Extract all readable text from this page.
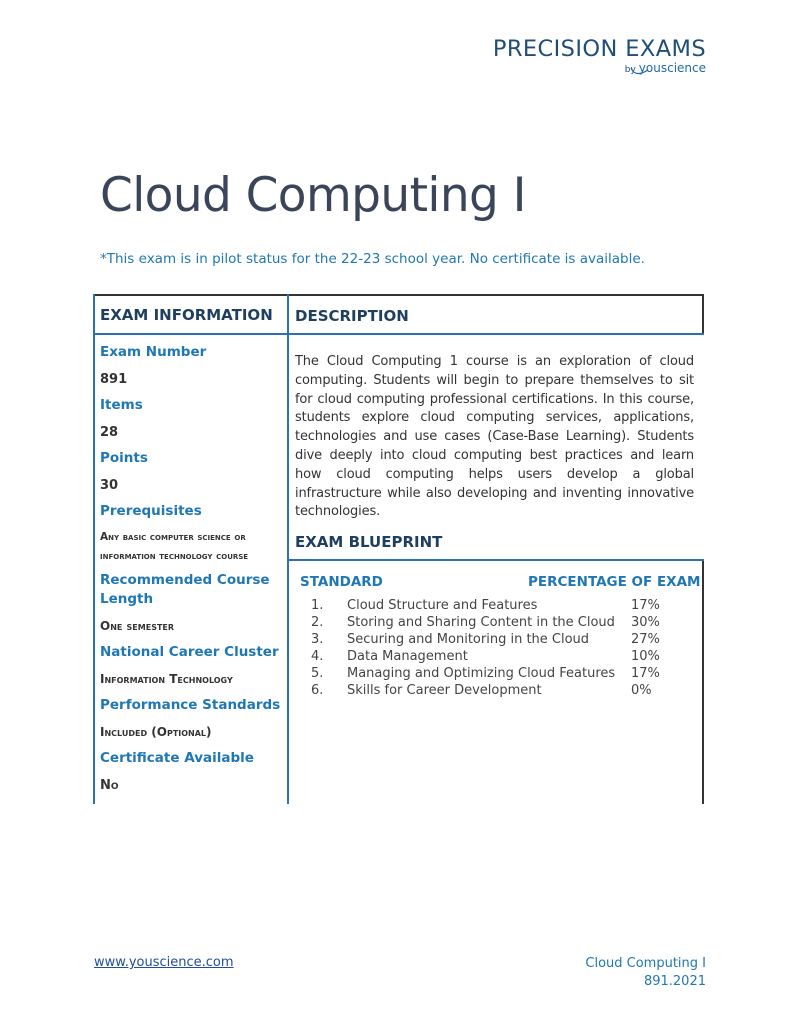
PRECISION EXAMS
by youscience
Cloud Computing I

*This exam is in pilot status for the 22-23 school year. No certificate is available.

EXAM INFORMATION DESCRIPTION
EXAM BLUEPRINT

Exam Number

891

Items

28

Points

30

Prerequisites

Any basic computer science or

information technology course

Recommended Course

Length

One semester

National Career Cluster

Information Technology

Performance Standards

Included (Optional)

Certificate Available

No

The Cloud Computing 1 course is an exploration of cloud computing. Students will begin to prepare themselves to sit for cloud computing professional certifications. In this course, students explore cloud computing services, applications, technologies and use cases (Case-Base Learning). Students dive deeply into cloud computing best practices and learn how cloud computing helps users develop a global infrastructure while also developing and inventing innovative technologies.

STANDARD	PERCENTAGE OF EXAM

1. Cloud Structure and Features	17%
2. Storing and Sharing Content in the Cloud 30%
3. Securing and Monitoring in the Cloud	27%
4. Data Management	10%
5. Managing and Optimizing Cloud Features 17%
6. Skills for Career Development	0%
www.youscience.com	Cloud Computing I
891.2021
